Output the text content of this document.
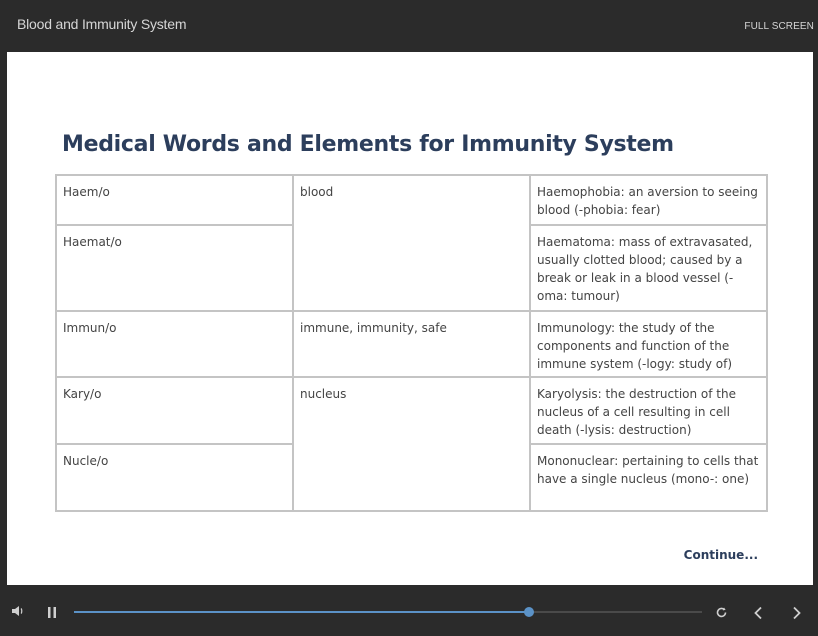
Blood and Immunity System	FULL SCREEN
Medical Words and Elements for Immunity System
Haem/o	blood	Haemophobia: an aversion to seeing blood (-phobia: fear)
Haemat/o		Haematoma: mass of extravasated, usually clotted blood; caused by a break or leak in a blood vessel (-oma: tumour)
Immun/o	immune, immunity, safe	Immunology: the study of the components and function of the immune system (-logy: study of)
Kary/o	nucleus	Karyolysis: the destruction of the nucleus of a cell resulting in cell death (-lysis: destruction)
Nucle/o		Mononuclear: pertaining to cells that have a single nucleus (mono-: one)
Continue...
